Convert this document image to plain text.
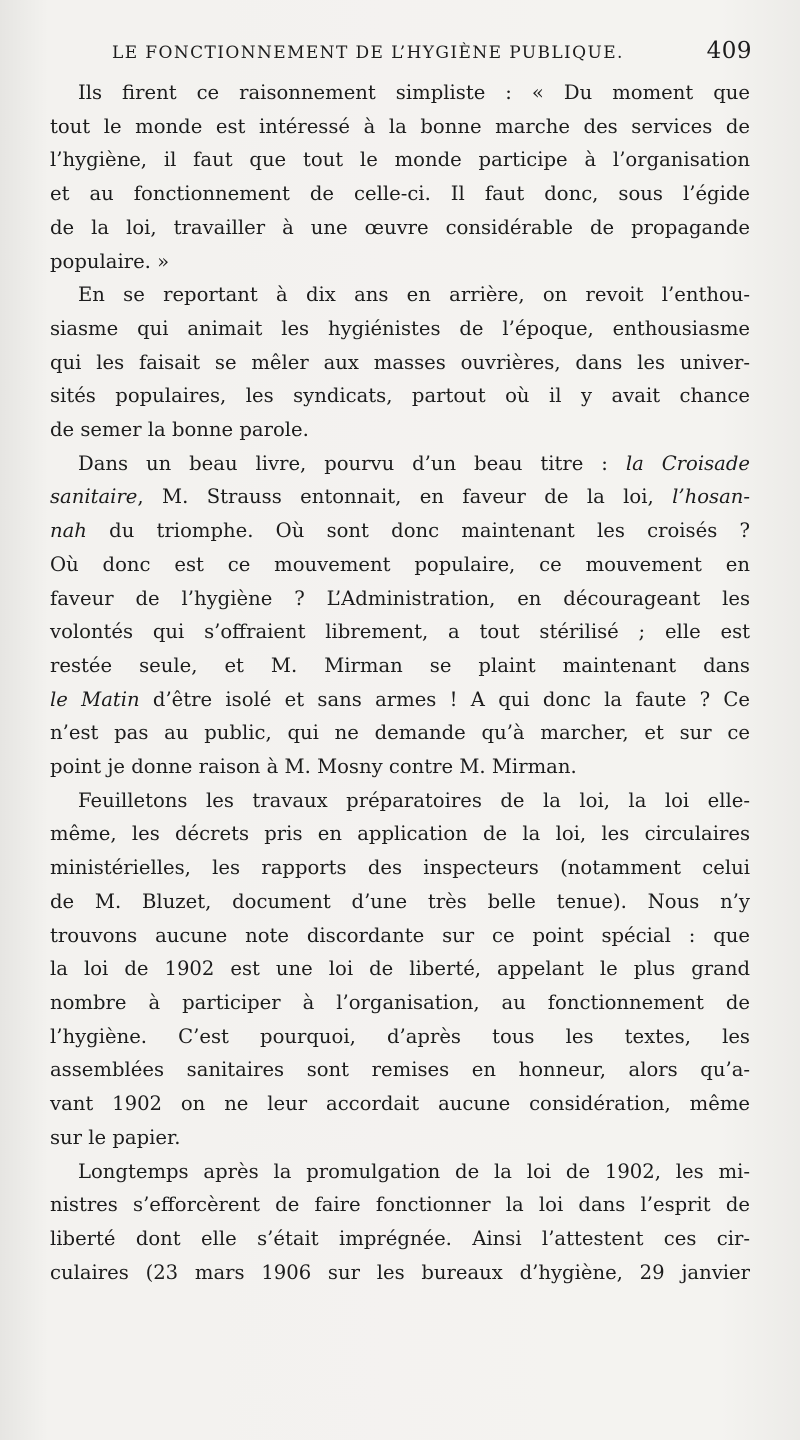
LE FONCTIONNEMENT DE L’HYGIÈNE PUBLIQUE.	409

Ils firent ce raisonnement simpliste : « Du moment que
tout le monde est intéressé à la bonne marche des services de
l’hygiène, il faut que tout le monde participe à l’organisation
et au fonctionnement de celle-ci. Il faut donc, sous l’égide
de la loi, travailler à une œuvre considérable de propagande
populaire. »

En se reportant à dix ans en arrière, on revoit l’enthou-
siasme qui animait les hygiénistes de l’époque, enthousiasme
qui les faisait se mêler aux masses ouvrières, dans les univer-
sités populaires, les syndicats, partout où il y avait chance
de semer la bonne parole.

Dans un beau livre, pourvu d’un beau titre : la Croisade
sanitaire, M. Strauss entonnait, en faveur de la loi, l’hosan-
nah du triomphe. Où sont donc maintenant les croisés ?
Où donc est ce mouvement populaire, ce mouvement en
faveur de l’hygiène ? L’Administration, en décourageant les
volontés qui s’offraient librement, a tout stérilisé ; elle est
restée seule, et M. Mirman se plaint maintenant dans
le Matin d’être isolé et sans armes ! A qui donc la faute ? Ce
n’est pas au public, qui ne demande qu’à marcher, et sur ce
point je donne raison à M. Mosny contre M. Mirman.

Feuilletons les travaux préparatoires de la loi, la loi elle-
même, les décrets pris en application de la loi, les circulaires
ministérielles, les rapports des inspecteurs (notamment celui
de M. Bluzet, document d’une très belle tenue). Nous n’y
trouvons aucune note discordante sur ce point spécial : que
la loi de 1902 est une loi de liberté, appelant le plus grand
nombre à participer à l’organisation, au fonctionnement de
l’hygiène. C’est pourquoi, d’après tous les textes, les
assemblées sanitaires sont remises en honneur, alors qu’a-
vant 1902 on ne leur accordait aucune considération, même
sur le papier.

Longtemps après la promulgation de la loi de 1902, les mi-
nistres s’efforcèrent de faire fonctionner la loi dans l’esprit de
liberté dont elle s’était imprégnée. Ainsi l’attestent ces cir-
culaires (23 mars 1906 sur les bureaux d’hygiène, 29 janvier
